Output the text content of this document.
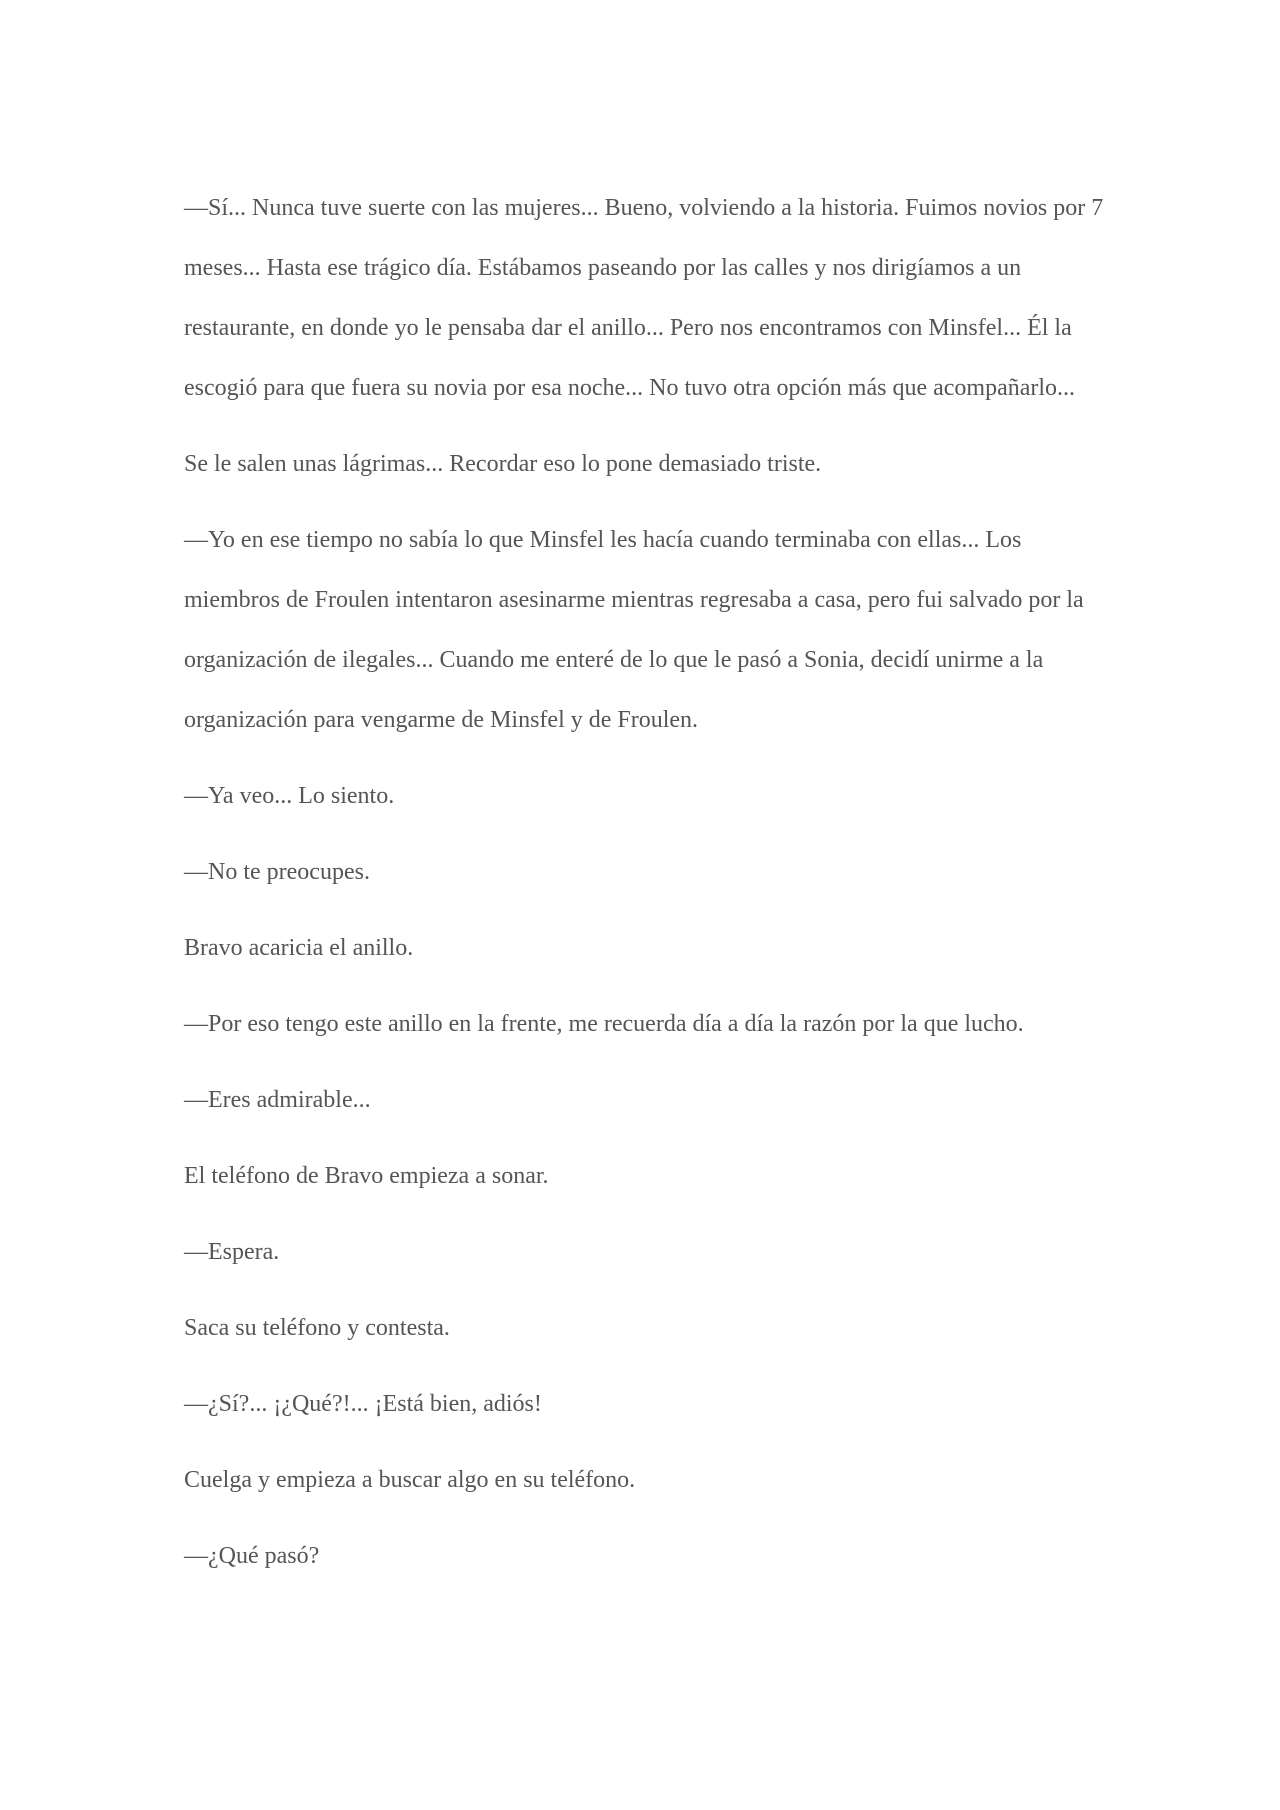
—Sí... Nunca tuve suerte con las mujeres... Bueno, volviendo a la historia. Fuimos novios por 7 meses... Hasta ese trágico día. Estábamos paseando por las calles y nos dirigíamos a un restaurante, en donde yo le pensaba dar el anillo... Pero nos encontramos con Minsfel... Él la escogió para que fuera su novia por esa noche... No tuvo otra opción más que acompañarlo...

Se le salen unas lágrimas... Recordar eso lo pone demasiado triste.

—Yo en ese tiempo no sabía lo que Minsfel les hacía cuando terminaba con ellas... Los miembros de Froulen intentaron asesinarme mientras regresaba a casa, pero fui salvado por la organización de ilegales... Cuando me enteré de lo que le pasó a Sonia, decidí unirme a la organización para vengarme de Minsfel y de Froulen.

—Ya veo... Lo siento.

—No te preocupes.

Bravo acaricia el anillo.

—Por eso tengo este anillo en la frente, me recuerda día a día la razón por la que lucho.

—Eres admirable...

El teléfono de Bravo empieza a sonar.

—Espera.

Saca su teléfono y contesta.

—¿Sí?... ¡¿Qué?!... ¡Está bien, adiós!

Cuelga y empieza a buscar algo en su teléfono.

—¿Qué pasó?
